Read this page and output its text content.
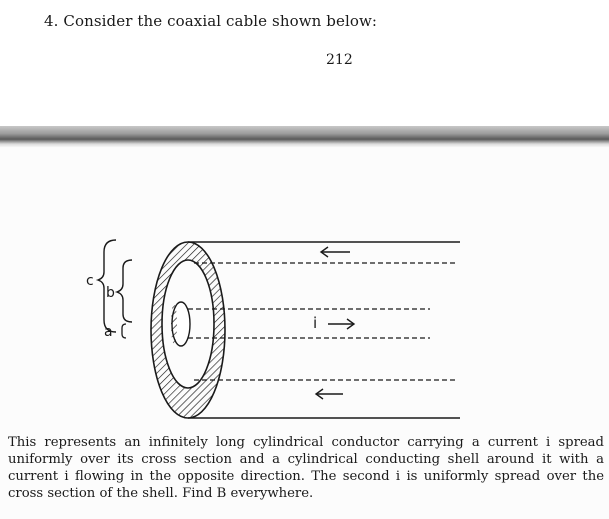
4. Consider the coaxial cable shown below:
212
c
b
a	i

This represents an infinitely long cylindrical conductor carrying a current i spread uniformly over its cross section and a cylindrical conducting shell around it with a current i flowing in the opposite direction. The second i is uniformly spread over the cross section of the shell. Find B everywhere.
